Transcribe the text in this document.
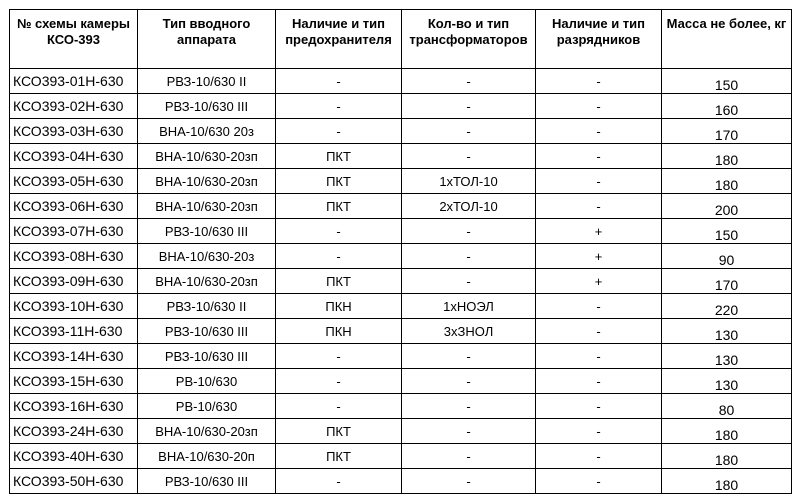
№ схемы камеры КСО-393	Тип вводного аппарата	Наличие и тип предохранителя	Кол-во и тип трансформаторов	Наличие и тип разрядников	Масса не более, кг
КСО393-01Н-630	РВЗ-10/630 II	-	-	-	150
КСО393-02Н-630	РВЗ-10/630 III	-	-	-	160
КСО393-03Н-630	ВНА-10/630 20з	-	-	-	170
КСО393-04Н-630	ВНА-10/630-20зп	ПКТ	-	-	180
КСО393-05Н-630	ВНА-10/630-20зп	ПКТ	1хТОЛ-10	-	180
КСО393-06Н-630	ВНА-10/630-20зп	ПКТ	2хТОЛ-10	-	200
КСО393-07Н-630	РВЗ-10/630 III	-	-	+	150
КСО393-08Н-630	ВНА-10/630-20з	-	-	+	90
КСО393-09Н-630	ВНА-10/630-20зп	ПКТ	-	+	170
КСО393-10Н-630	РВЗ-10/630 II	ПКН	1хНОЭЛ	-	220
КСО393-11Н-630	РВЗ-10/630 III	ПКН	3хЗНОЛ	-	130
КСО393-14Н-630	РВЗ-10/630 III	-	-	-	130
КСО393-15Н-630	РВ-10/630	-	-	-	130
КСО393-16Н-630	РВ-10/630	-	-	-	80
КСО393-24Н-630	ВНА-10/630-20зп	ПКТ	-	-	180
КСО393-40Н-630	ВНА-10/630-20п	ПКТ	-	-	180
КСО393-50Н-630	РВЗ-10/630 III	-	-	-	180
